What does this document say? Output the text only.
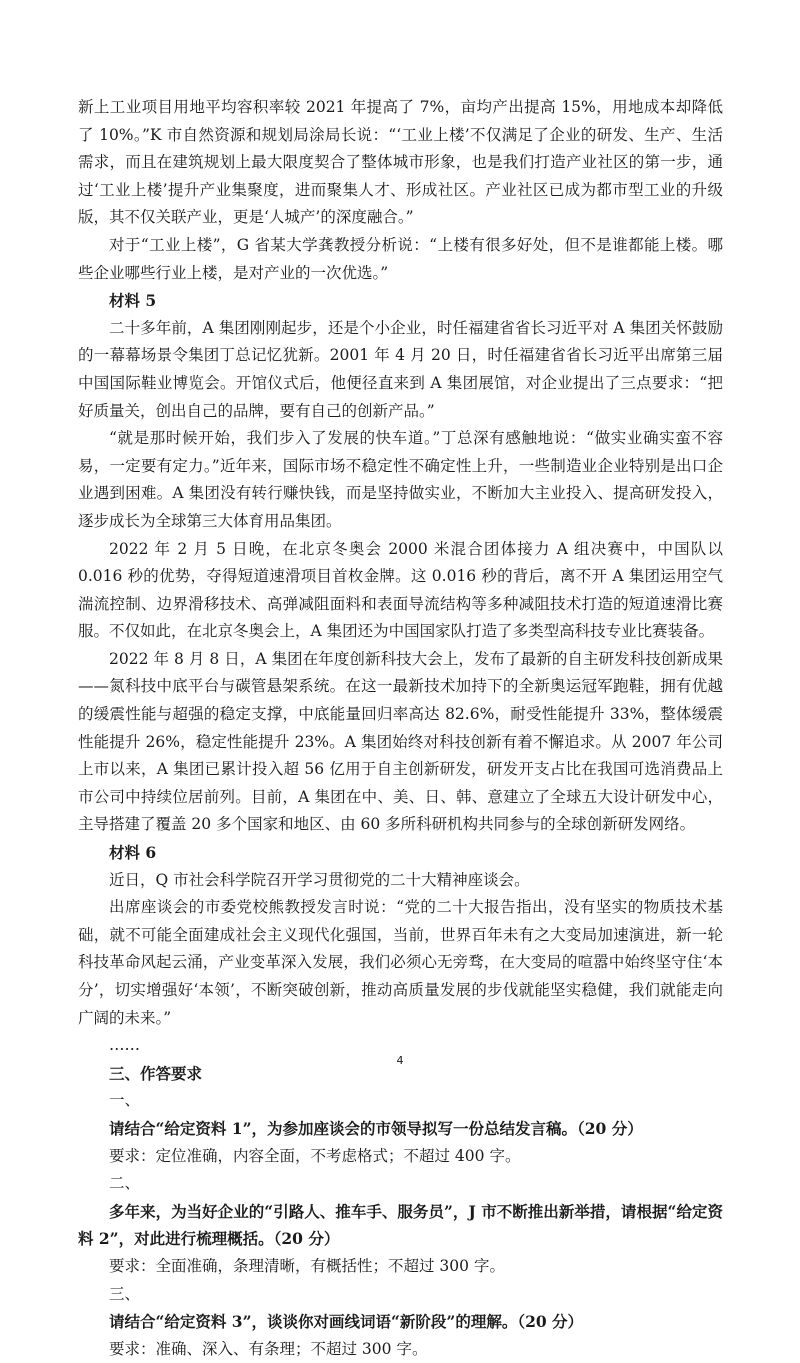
新上工业项目用地平均容积率较 2021 年提高了 7%，亩均产出提高 15%，用地成本却降低了 10%。”K 市自然资源和规划局涂局长说：“‘工业上楼’不仅满足了企业的研发、生产、生活需求，而且在建筑规划上最大限度契合了整体城市形象，也是我们打造产业社区的第一步，通过‘工业上楼’提升产业集聚度，进而聚集人才、形成社区。产业社区已成为都市型工业的升级版，其不仅关联产业，更是‘人城产’的深度融合。”

对于“工业上楼”，G 省某大学龚教授分析说：“上楼有很多好处，但不是谁都能上楼。哪些企业哪些行业上楼，是对产业的一次优选。”

材料 5

二十多年前，A 集团刚刚起步，还是个小企业，时任福建省省长习近平对 A 集团关怀鼓励的一幕幕场景令集团丁总记忆犹新。2001 年 4 月 20 日，时任福建省省长习近平出席第三届中国国际鞋业博览会。开馆仪式后，他便径直来到 A 集团展馆，对企业提出了三点要求：“把好质量关，创出自己的品牌，要有自己的创新产品。”

“就是那时候开始，我们步入了发展的快车道。”丁总深有感触地说：“做实业确实蛮不容易，一定要有定力。”近年来，国际市场不稳定性不确定性上升，一些制造业企业特别是出口企业遇到困难。A 集团没有转行赚快钱，而是坚持做实业，不断加大主业投入、提高研发投入，逐步成长为全球第三大体育用品集团。

2022 年 2 月 5 日晚，在北京冬奥会 2000 米混合团体接力 A 组决赛中，中国队以 0.016 秒的优势，夺得短道速滑项目首枚金牌。这 0.016 秒的背后，离不开 A 集团运用空气湍流控制、边界滑移技术、高弹减阻面料和表面导流结构等多种减阻技术打造的短道速滑比赛服。不仅如此，在北京冬奥会上，A 集团还为中国国家队打造了多类型高科技专业比赛装备。

2022 年 8 月 8 日，A 集团在年度创新科技大会上，发布了最新的自主研发科技创新成果——氮科技中底平台与碳管悬架系统。在这一最新技术加持下的全新奥运冠军跑鞋，拥有优越的缓震性能与超强的稳定支撑，中底能量回归率高达 82.6%，耐受性能提升 33%，整体缓震性能提升 26%，稳定性能提升 23%。A 集团始终对科技创新有着不懈追求。从 2007 年公司上市以来，A 集团已累计投入超 56 亿用于自主创新研发，研发开支占比在我国可选消费品上市公司中持续位居前列。目前，A 集团在中、美、日、韩、意建立了全球五大设计研发中心，主导搭建了覆盖 20 多个国家和地区、由 60 多所科研机构共同参与的全球创新研发网络。

材料 6

近日，Q 市社会科学院召开学习贯彻党的二十大精神座谈会。

出席座谈会的市委党校熊教授发言时说：“党的二十大报告指出，没有坚实的物质技术基础，就不可能全面建成社会主义现代化强国，当前，世界百年未有之大变局加速演进，新一轮科技革命风起云涌，产业变革深入发展，我们必须心无旁骛，在大变局的喧嚣中始终坚守住‘本分’，切实增强好‘本领’，不断突破创新，推动高质量发展的步伐就能坚实稳健，我们就能走向广阔的未来。”

……

三、作答要求

一、

请结合“给定资料 1”，为参加座谈会的市领导拟写一份总结发言稿。（20 分）

要求：定位准确，内容全面，不考虑格式；不超过 400 字。

二、

多年来，为当好企业的“引路人、推车手、服务员”，J 市不断推出新举措，请根据“给定资料 2”，对此进行梳理概括。（20 分）

要求：全面准确，条理清晰，有概括性；不超过 300 字。

三、

请结合“给定资料 3”，谈谈你对画线词语“新阶段”的理解。（20 分）

要求：准确、深入、有条理；不超过 300 字。

4
